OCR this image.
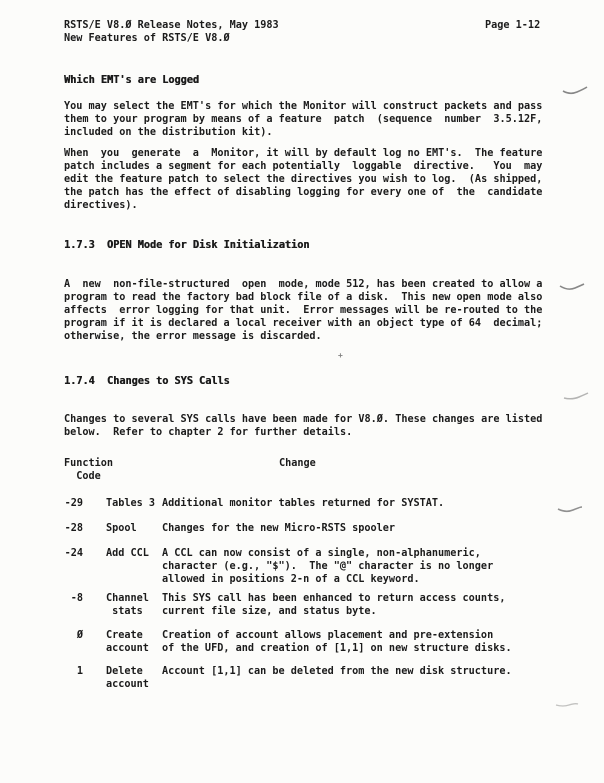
RSTS/E V8.Ø Release Notes, May 1983
New Features of RSTS/E V8.Ø
Page 1-12
Which EMT's are Logged
You may select the EMT's for which the Monitor will construct packets and pass
them to your program by means of a feature  patch  (sequence  number  3.5.12F,
included on the distribution kit).
When  you  generate  a  Monitor, it will by default log no EMT's.  The feature
patch includes a segment for each potentially  loggable  directive.   You  may
edit the feature patch to select the directives you wish to log.  (As shipped,
the patch has the effect of disabling logging for every one of  the  candidate
directives).
1.7.3  OPEN Mode for Disk Initialization
A  new  non-file-structured  open  mode, mode 512, has been created to allow a
program to read the factory bad block file of a disk.  This new open mode also
affects  error logging for that unit.  Error messages will be re-routed to the
program if it is declared a local receiver with an object type of 64  decimal;
otherwise, the error message is discarded.
+
1.7.4  Changes to SYS Calls
Changes to several SYS calls have been made for V8.Ø. These changes are listed
below.  Refer to chapter 2 for further details.
Function
Code
Change
-29 Tables 3 Additional monitor tables returned for SYSTAT.
-28 Spool Changes for the new Micro-RSTS spooler
-24 Add CCL A CCL can now consist of a single, non-alphanumeric,
character (e.g., "$").  The "@" character is no longer
allowed in positions 2-n of a CCL keyword.
-8 Channel
stats
This SYS call has been enhanced to return access counts,
current file size, and status byte.
Ø Create
account
Creation of account allows placement and pre-extension
of the UFD, and creation of [1,1] on new structure disks.
1 Delete
account
Account [1,1] can be deleted from the new disk structure.
